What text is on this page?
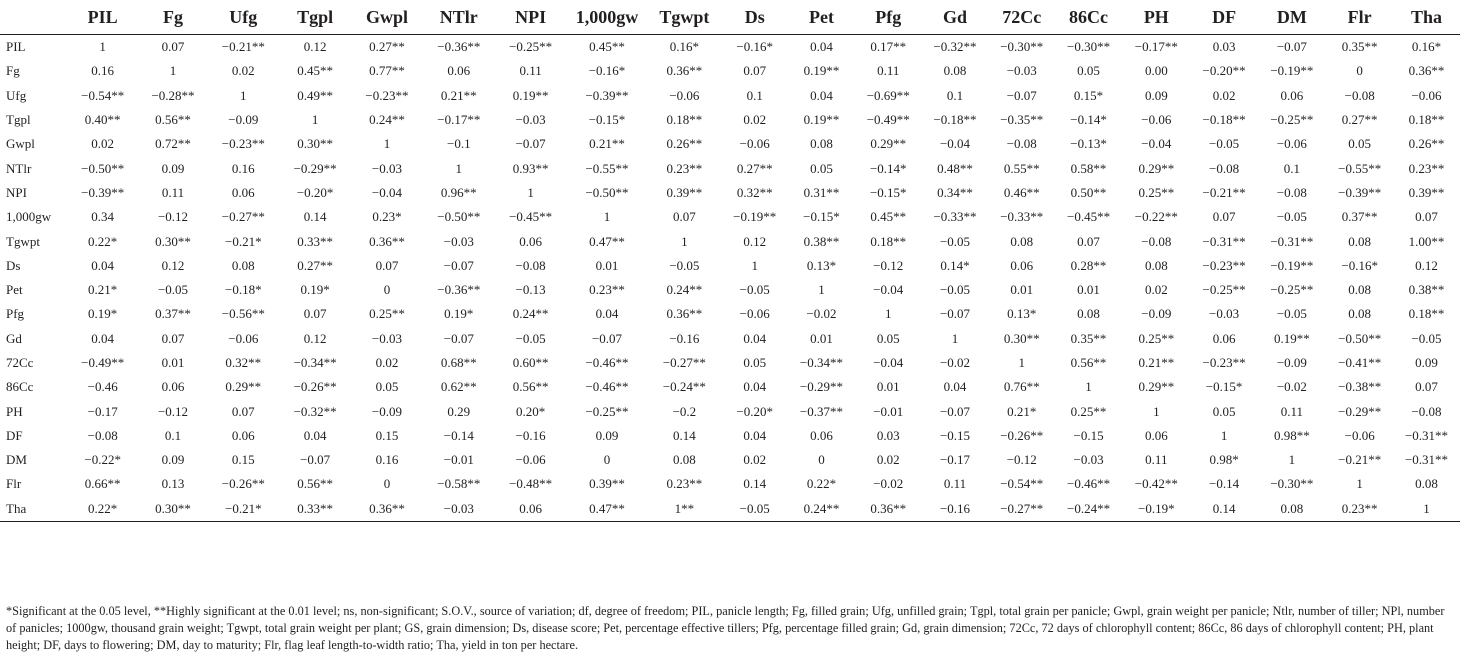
	PIL	Fg	Ufg	Tgpl	Gwpl	NTlr	NPI	1,000gw	Tgwpt	Ds	Pet	Pfg	Gd	72Cc	86Cc	PH	DF	DM	Flr	Tha
PIL	1	0.07	−0.21**	0.12	0.27**	−0.36**	−0.25**	0.45**	0.16*	−0.16*	0.04	0.17**	−0.32**	−0.30**	−0.30**	−0.17**	0.03	−0.07	0.35**	0.16*
Fg	0.16	1	0.02	0.45**	0.77**	0.06	0.11	−0.16*	0.36**	0.07	0.19**	0.11	0.08	−0.03	0.05	0.00	−0.20**	−0.19**	0	0.36**
Ufg	−0.54**	−0.28**	1	0.49**	−0.23**	0.21**	0.19**	−0.39**	−0.06	0.1	0.04	−0.69**	0.1	−0.07	0.15*	0.09	0.02	0.06	−0.08	−0.06
Tgpl	0.40**	0.56**	−0.09	1	0.24**	−0.17**	−0.03	−0.15*	0.18**	0.02	0.19**	−0.49**	−0.18**	−0.35**	−0.14*	−0.06	−0.18**	−0.25**	0.27**	0.18**
Gwpl	0.02	0.72**	−0.23**	0.30**	1	−0.1	−0.07	0.21**	0.26**	−0.06	0.08	0.29**	−0.04	−0.08	−0.13*	−0.04	−0.05	−0.06	0.05	0.26**
NTlr	−0.50**	0.09	0.16	−0.29**	−0.03	1	0.93**	−0.55**	0.23**	0.27**	0.05	−0.14*	0.48**	0.55**	0.58**	0.29**	−0.08	0.1	−0.55**	0.23**
NPI	−0.39**	0.11	0.06	−0.20*	−0.04	0.96**	1	−0.50**	0.39**	0.32**	0.31**	−0.15*	0.34**	0.46**	0.50**	0.25**	−0.21**	−0.08	−0.39**	0.39**
1,000gw	0.34	−0.12	−0.27**	0.14	0.23*	−0.50**	−0.45**	1	0.07	−0.19**	−0.15*	0.45**	−0.33**	−0.33**	−0.45**	−0.22**	0.07	−0.05	0.37**	0.07
Tgwpt	0.22*	0.30**	−0.21*	0.33**	0.36**	−0.03	0.06	0.47**	1	0.12	0.38**	0.18**	−0.05	0.08	0.07	−0.08	−0.31**	−0.31**	0.08	1.00**
Ds	0.04	0.12	0.08	0.27**	0.07	−0.07	−0.08	0.01	−0.05	1	0.13*	−0.12	0.14*	0.06	0.28**	0.08	−0.23**	−0.19**	−0.16*	0.12
Pet	0.21*	−0.05	−0.18*	0.19*	0	−0.36**	−0.13	0.23**	0.24**	−0.05	1	−0.04	−0.05	0.01	0.01	0.02	−0.25**	−0.25**	0.08	0.38**
Pfg	0.19*	0.37**	−0.56**	0.07	0.25**	0.19*	0.24**	0.04	0.36**	−0.06	−0.02	1	−0.07	0.13*	0.08	−0.09	−0.03	−0.05	0.08	0.18**
Gd	0.04	0.07	−0.06	0.12	−0.03	−0.07	−0.05	−0.07	−0.16	0.04	0.01	0.05	1	0.30**	0.35**	0.25**	0.06	0.19**	−0.50**	−0.05
72Cc	−0.49**	0.01	0.32**	−0.34**	0.02	0.68**	0.60**	−0.46**	−0.27**	0.05	−0.34**	−0.04	−0.02	1	0.56**	0.21**	−0.23**	−0.09	−0.41**	0.09
86Cc	−0.46	0.06	0.29**	−0.26**	0.05	0.62**	0.56**	−0.46**	−0.24**	0.04	−0.29**	0.01	0.04	0.76**	1	0.29**	−0.15*	−0.02	−0.38**	0.07
PH	−0.17	−0.12	0.07	−0.32**	−0.09	0.29	0.20*	−0.25**	−0.2	−0.20*	−0.37**	−0.01	−0.07	0.21*	0.25**	1	0.05	0.11	−0.29**	−0.08
DF	−0.08	0.1	0.06	0.04	0.15	−0.14	−0.16	0.09	0.14	0.04	0.06	0.03	−0.15	−0.26**	−0.15	0.06	1	0.98**	−0.06	−0.31**
DM	−0.22*	0.09	0.15	−0.07	0.16	−0.01	−0.06	0	0.08	0.02	0	0.02	−0.17	−0.12	−0.03	0.11	0.98*	1	−0.21**	−0.31**
Flr	0.66**	0.13	−0.26**	0.56**	0	−0.58**	−0.48**	0.39**	0.23**	0.14	0.22*	−0.02	0.11	−0.54**	−0.46**	−0.42**	−0.14	−0.30**	1	0.08
Tha	0.22*	0.30**	−0.21*	0.33**	0.36**	−0.03	0.06	0.47**	1**	−0.05	0.24**	0.36**	−0.16	−0.27**	−0.24**	−0.19*	0.14	0.08	0.23**	1
*Significant at the 0.05 level, **Highly significant at the 0.01 level; ns, non-significant; S.O.V., source of variation; df, degree of freedom; PIL, panicle length; Fg, filled grain; Ufg, unfilled grain; Tgpl, total grain per panicle; Gwpl, grain weight per panicle; Ntlr, number of tiller; NPl, number of panicles; 1000gw, thousand grain weight; Tgwpt, total grain weight per plant; GS, grain dimension; Ds, disease score; Pet, percentage effective tillers; Pfg, percentage filled grain; Gd, grain dimension; 72Cc, 72 days of chlorophyll content; 86Cc, 86 days of chlorophyll content; PH, plant height; DF, days to flowering; DM, day to maturity; Flr, flag leaf length-to-width ratio; Tha, yield in ton per hectare.
